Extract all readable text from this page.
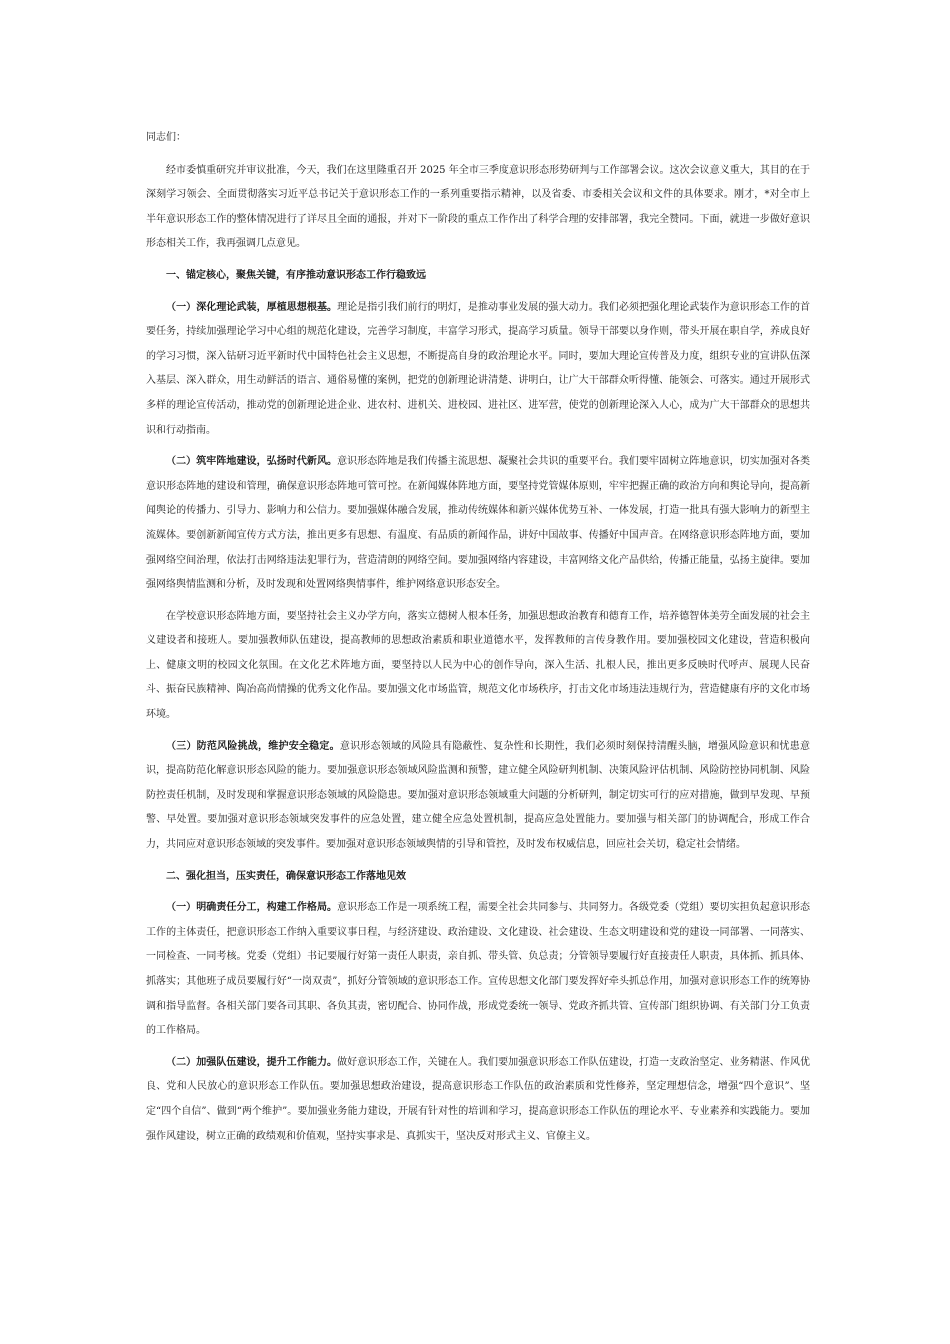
同志们：

经市委慎重研究并审议批准，今天，我们在这里隆重召开 2025 年全市三季度意识形态形势研判与工作部署会议。这次会议意义重大，其目的在于深刻学习领会、全面贯彻落实习近平总书记关于意识形态工作的一系列重要指示精神，以及省委、市委相关会议和文件的具体要求。刚才，*对全市上半年意识形态工作的整体情况进行了详尽且全面的通报，并对下一阶段的重点工作作出了科学合理的安排部署，我完全赞同。下面，就进一步做好意识形态相关工作，我再强调几点意见。

一、锚定核心，聚焦关键，有序推动意识形态工作行稳致远

（一）深化理论武装，厚植思想根基。理论是指引我们前行的明灯，是推动事业发展的强大动力。我们必须把强化理论武装作为意识形态工作的首要任务，持续加强理论学习中心组的规范化建设，完善学习制度，丰富学习形式，提高学习质量。领导干部要以身作则，带头开展在职自学，养成良好的学习习惯，深入钻研习近平新时代中国特色社会主义思想，不断提高自身的政治理论水平。同时，要加大理论宣传普及力度，组织专业的宣讲队伍深入基层、深入群众，用生动鲜活的语言、通俗易懂的案例，把党的创新理论讲清楚、讲明白，让广大干部群众听得懂、能领会、可落实。通过开展形式多样的理论宣传活动，推动党的创新理论进企业、进农村、进机关、进校园、进社区、进军营，使党的创新理论深入人心，成为广大干部群众的思想共识和行动指南。

（二）筑牢阵地建设，弘扬时代新风。意识形态阵地是我们传播主流思想、凝聚社会共识的重要平台。我们要牢固树立阵地意识，切实加强对各类意识形态阵地的建设和管理，确保意识形态阵地可管可控。在新闻媒体阵地方面，要坚持党管媒体原则，牢牢把握正确的政治方向和舆论导向，提高新闻舆论的传播力、引导力、影响力和公信力。要加强媒体融合发展，推动传统媒体和新兴媒体优势互补、一体发展，打造一批具有强大影响力的新型主流媒体。要创新新闻宣传方式方法，推出更多有思想、有温度、有品质的新闻作品，讲好中国故事、传播好中国声音。在网络意识形态阵地方面，要加强网络空间治理，依法打击网络违法犯罪行为，营造清朗的网络空间。要加强网络内容建设，丰富网络文化产品供给，传播正能量，弘扬主旋律。要加强网络舆情监测和分析，及时发现和处置网络舆情事件，维护网络意识形态安全。

在学校意识形态阵地方面，要坚持社会主义办学方向，落实立德树人根本任务，加强思想政治教育和德育工作，培养德智体美劳全面发展的社会主义建设者和接班人。要加强教师队伍建设，提高教师的思想政治素质和职业道德水平，发挥教师的言传身教作用。要加强校园文化建设，营造积极向上、健康文明的校园文化氛围。在文化艺术阵地方面，要坚持以人民为中心的创作导向，深入生活、扎根人民，推出更多反映时代呼声、展现人民奋斗、振奋民族精神、陶冶高尚情操的优秀文化作品。要加强文化市场监管，规范文化市场秩序，打击文化市场违法违规行为，营造健康有序的文化市场环境。

（三）防范风险挑战，维护安全稳定。意识形态领域的风险具有隐蔽性、复杂性和长期性，我们必须时刻保持清醒头脑，增强风险意识和忧患意识，提高防范化解意识形态风险的能力。要加强意识形态领域风险监测和预警，建立健全风险研判机制、决策风险评估机制、风险防控协同机制、风险防控责任机制，及时发现和掌握意识形态领域的风险隐患。要加强对意识形态领域重大问题的分析研判，制定切实可行的应对措施，做到早发现、早预警、早处置。要加强对意识形态领域突发事件的应急处置，建立健全应急处置机制，提高应急处置能力。要加强与相关部门的协调配合，形成工作合力，共同应对意识形态领域的突发事件。要加强对意识形态领域舆情的引导和管控，及时发布权威信息，回应社会关切，稳定社会情绪。

二、强化担当，压实责任，确保意识形态工作落地见效

（一）明确责任分工，构建工作格局。意识形态工作是一项系统工程，需要全社会共同参与、共同努力。各级党委（党组）要切实担负起意识形态工作的主体责任，把意识形态工作纳入重要议事日程，与经济建设、政治建设、文化建设、社会建设、生态文明建设和党的建设一同部署、一同落实、一同检查、一同考核。党委（党组）书记要履行好第一责任人职责，亲自抓、带头管、负总责；分管领导要履行好直接责任人职责，具体抓、抓具体、抓落实；其他班子成员要履行好“一岗双责”，抓好分管领域的意识形态工作。宣传思想文化部门要发挥好牵头抓总作用，加强对意识形态工作的统筹协调和指导监督。各相关部门要各司其职、各负其责，密切配合、协同作战，形成党委统一领导、党政齐抓共管、宣传部门组织协调、有关部门分工负责的工作格局。

（二）加强队伍建设，提升工作能力。做好意识形态工作，关键在人。我们要加强意识形态工作队伍建设，打造一支政治坚定、业务精湛、作风优良、党和人民放心的意识形态工作队伍。要加强思想政治建设，提高意识形态工作队伍的政治素质和党性修养，坚定理想信念，增强“四个意识”、坚定“四个自信”、做到“两个维护”。要加强业务能力建设，开展有针对性的培训和学习，提高意识形态工作队伍的理论水平、专业素养和实践能力。要加强作风建设，树立正确的政绩观和价值观，坚持实事求是、真抓实干，坚决反对形式主义、官僚主义。
